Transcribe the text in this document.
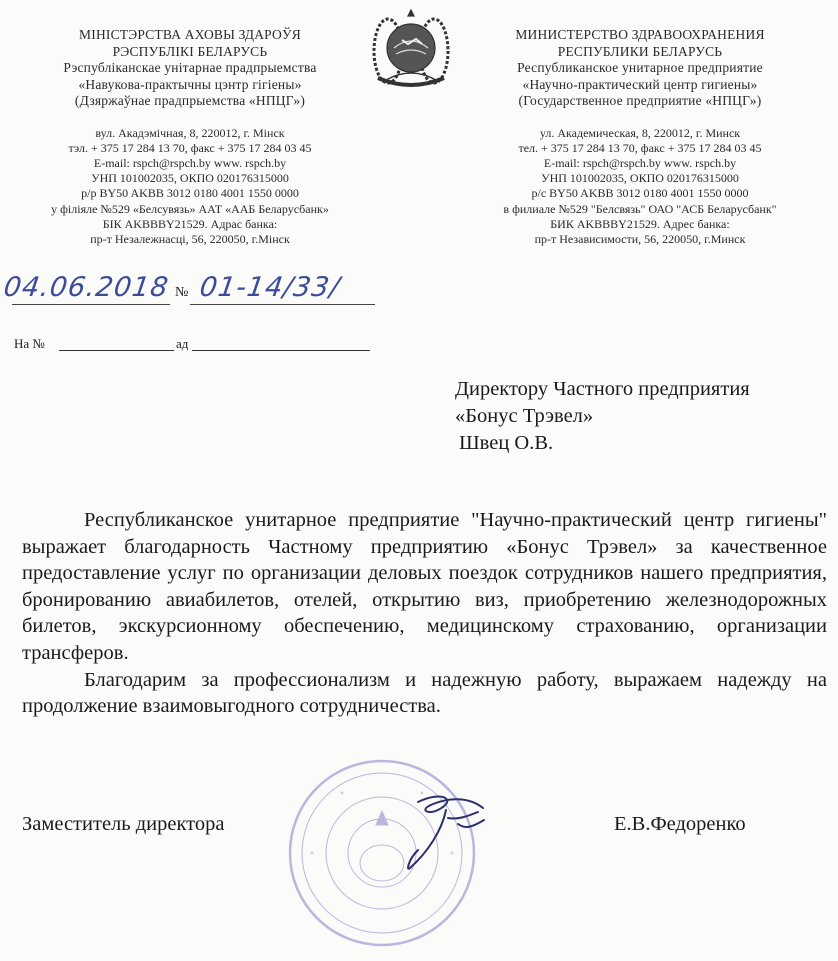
МІНІСТЭРСТВА АХОВЫ ЗДАРОЎЯ
РЭСПУБЛІКІ БЕЛАРУСЬ
Рэспубліканскае унітарнае прадпрыемства
«Навукова-практычны цэнтр гігіены»
(Дзяржаўнае прадпрыемства «НПЦГ»)
вул. Акадэмічная, 8, 220012, г. Мінск
тэл. + 375 17 284 13 70, факс + 375 17 284 03 45
E-mail: rspch@rspch.by www. rspch.by
УНП 101002035, ОКПО 020176315000
р/р BY50 AKBB 3012 0180 4001 1550 0000
у філіяле №529 «Белсувязь» ААТ «ААБ Беларусбанк»
БІК AKBBBY21529. Адрас банка:
пр-т Незалежнасці, 56, 220050, г.Мінск
МИНИСТЕРСТВО ЗДРАВООХРАНЕНИЯ
РЕСПУБЛИКИ БЕЛАРУСЬ
Республиканское унитарное предприятие
«Научно-практический центр гигиены»
(Государственное предприятие «НПЦГ»)
ул. Академическая, 8, 220012, г. Минск
тел. + 375 17 284 13 70, факс + 375 17 284 03 45
E-mail: rspch@rspch.by www. rspch.by
УНП 101002035, ОКПО 020176315000
р/с BY50 AKBB 3012 0180 4001 1550 0000
в филиале №529 "Белсвязь" ОАО "АСБ Беларусбанк"
БИК AKBBBY21529. Адрес банка:
пр-т Независимости, 56, 220050, г.Минск
04.06.2018 № 01-14/33/
На №	ад
Директору Частного предприятия
«Бонус Трэвел»
Швец О.В.

Республиканское унитарное предприятие "Научно-практический центр гигиены" выражает благодарность Частному предприятию «Бонус Трэвел» за качественное предоставление услуг по организации деловых поездок сотрудников нашего предприятия, бронированию авиабилетов, отелей, открытию виз, приобретению железнодорожных билетов, экскурсионному обеспечению, медицинскому страхованию, организации трансферов.

Благодарим за профессионализм и надежную работу, выражаем надежду на продолжение взаимовыгодного сотрудничества.

Заместитель директора	Е.В.Федоренко
